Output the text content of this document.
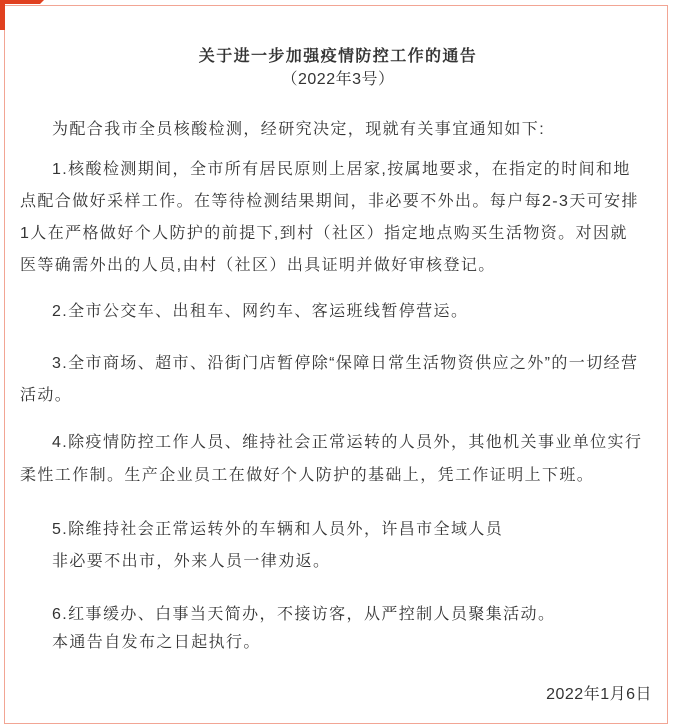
关于进一步加强疫情防控工作的通告
（2022年3号）
为配合我市全员核酸检测，经研究决定，现就有关事宜通知如下:
1.核酸检测期间，全市所有居民原则上居家,按属地要求，在指定的时间和地
点配合做好采样工作。在等待检测结果期间，非必要不外出。每户每2-3天可安排
1人在严格做好个人防护的前提下,到村（社区）指定地点购买生活物资。对因就
医等确需外出的人员,由村（社区）出具证明并做好审核登记。
2.全市公交车、出租车、网约车、客运班线暂停营运。
3.全市商场、超市、沿街门店暂停除“保障日常生活物资供应之外”的一切经营
活动。
4.除疫情防控工作人员、维持社会正常运转的人员外，其他机关事业单位实行
柔性工作制。生产企业员工在做好个人防护的基础上，凭工作证明上下班。
5.除维持社会正常运转外的车辆和人员外，许昌市全域人员
非必要不出市，外来人员一律劝返。
6.红事缓办、白事当天简办，不接访客，从严控制人员聚集活动。
本通告自发布之日起执行。
2022年1月6日
